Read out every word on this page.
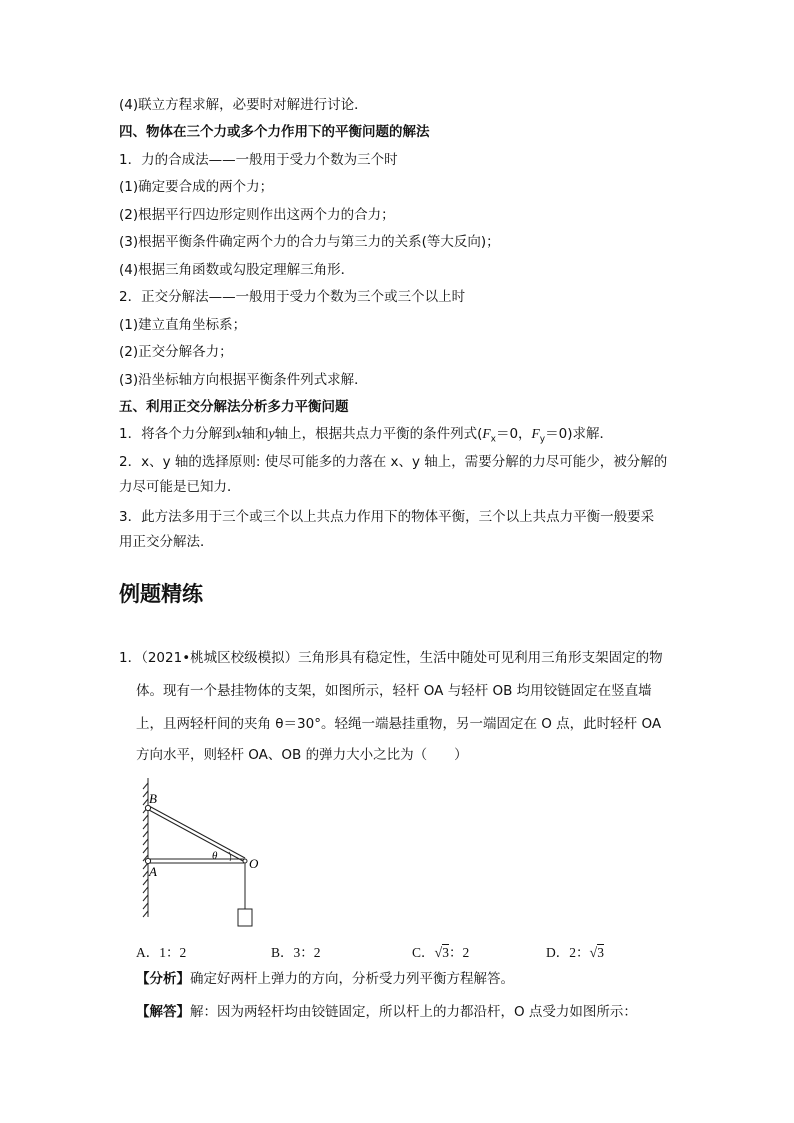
(4)联立方程求解，必要时对解进行讨论．
四、物体在三个力或多个力作用下的平衡问题的解法
1．力的合成法——一般用于受力个数为三个时
(1)确定要合成的两个力；
(2)根据平行四边形定则作出这两个力的合力；
(3)根据平衡条件确定两个力的合力与第三力的关系(等大反向)；
(4)根据三角函数或勾股定理解三角形．
2．正交分解法——一般用于受力个数为三个或三个以上时
(1)建立直角坐标系；
(2)正交分解各力；
(3)沿坐标轴方向根据平衡条件列式求解．
五、利用正交分解法分析多力平衡问题
1．将各个力分解到x轴和y轴上，根据共点力平衡的条件列式($F_x=0$，$F_y=0$)求解．
2．x、y 轴的选择原则: 使尽可能多的力落在 x、y 轴上，需要分解的力尽可能少，被分解的
力尽可能是已知力．
3．此方法多用于三个或三个以上共点力作用下的物体平衡，三个以上共点力平衡一般要采
用正交分解法．
例题精练
1．（2021•桃城区校级模拟）三角形具有稳定性，生活中随处可见利用三角形支架固定的物
体。现有一个悬挂物体的支架，如图所示，轻杆 OA 与轻杆 OB 均用铰链固定在竖直墙
上，且两轻杆间的夹角 θ＝30°。轻绳一端悬挂重物，另一端固定在 O 点，此时轻杆 OA
方向水平，则轻杆 OA、OB 的弹力大小之比为（　　）
B
A
O
θ
A．1：2	B．3：2	C．√3：2	D．2：√3
【分析】确定好两杆上弹力的方向，分析受力列平衡方程解答。
【解答】解：因为两轻杆均由铰链固定，所以杆上的力都沿杆，O 点受力如图所示：
